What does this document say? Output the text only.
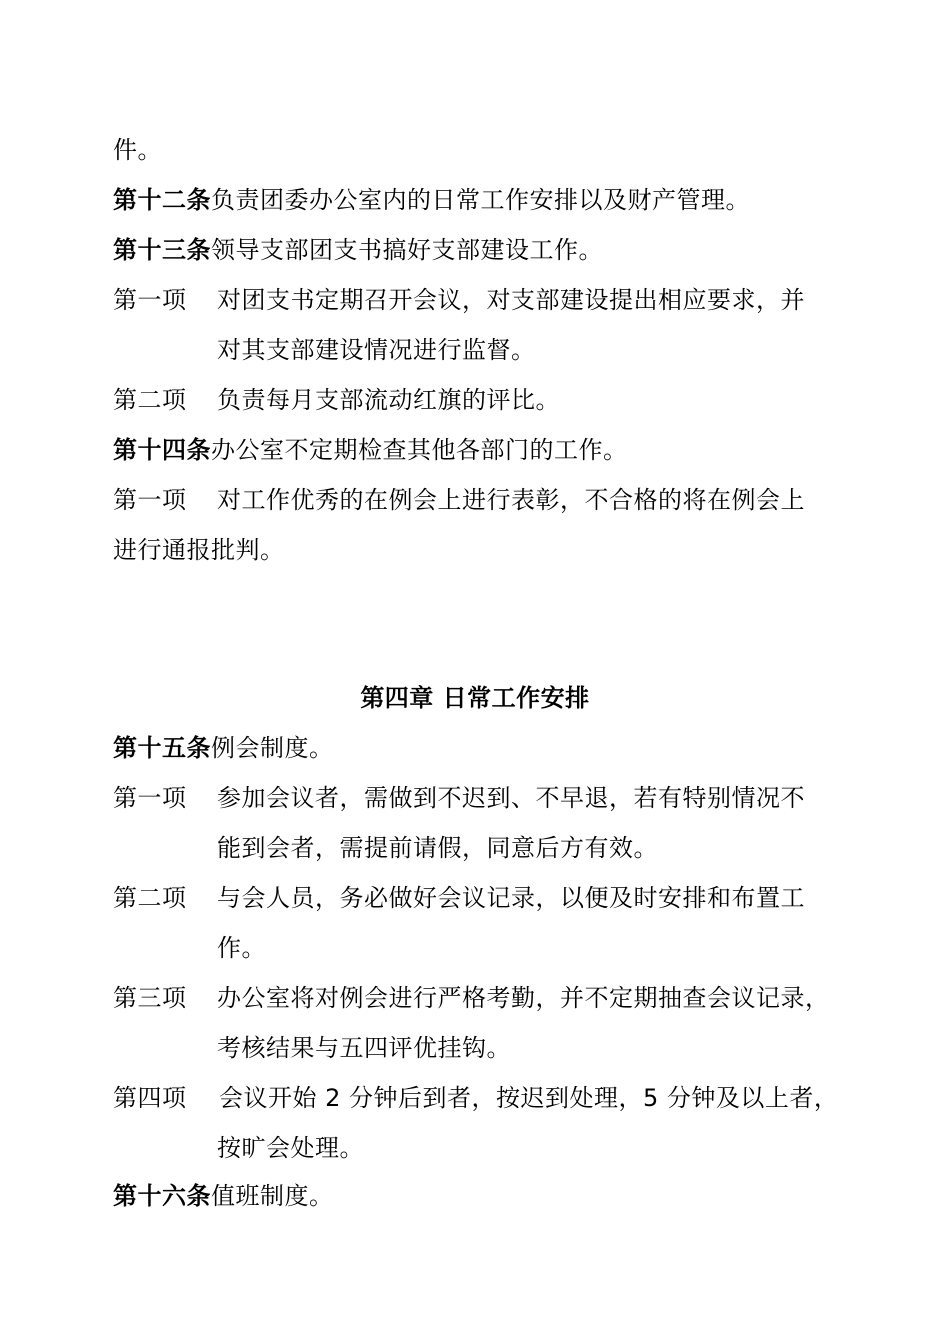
件。
第十二条负责团委办公室内的日常工作安排以及财产管理。
第十三条领导支部团支书搞好支部建设工作。
第一项 对团支书定期召开会议，对支部建设提出相应要求，并
对其支部建设情况进行监督。
第二项 负责每月支部流动红旗的评比。
第十四条办公室不定期检查其他各部门的工作。
第一项 对工作优秀的在例会上进行表彰，不合格的将在例会上
进行通报批判。
第四章 日常工作安排
第十五条例会制度。
第一项 参加会议者，需做到不迟到、不早退，若有特别情况不
能到会者，需提前请假，同意后方有效。
第二项 与会人员，务必做好会议记录，以便及时安排和布置工
作。
第三项 办公室将对例会进行严格考勤，并不定期抽查会议记录，
考核结果与五四评优挂钩。
第四项 会议开始 2 分钟后到者，按迟到处理，5 分钟及以上者，
按旷会处理。
第十六条值班制度。
